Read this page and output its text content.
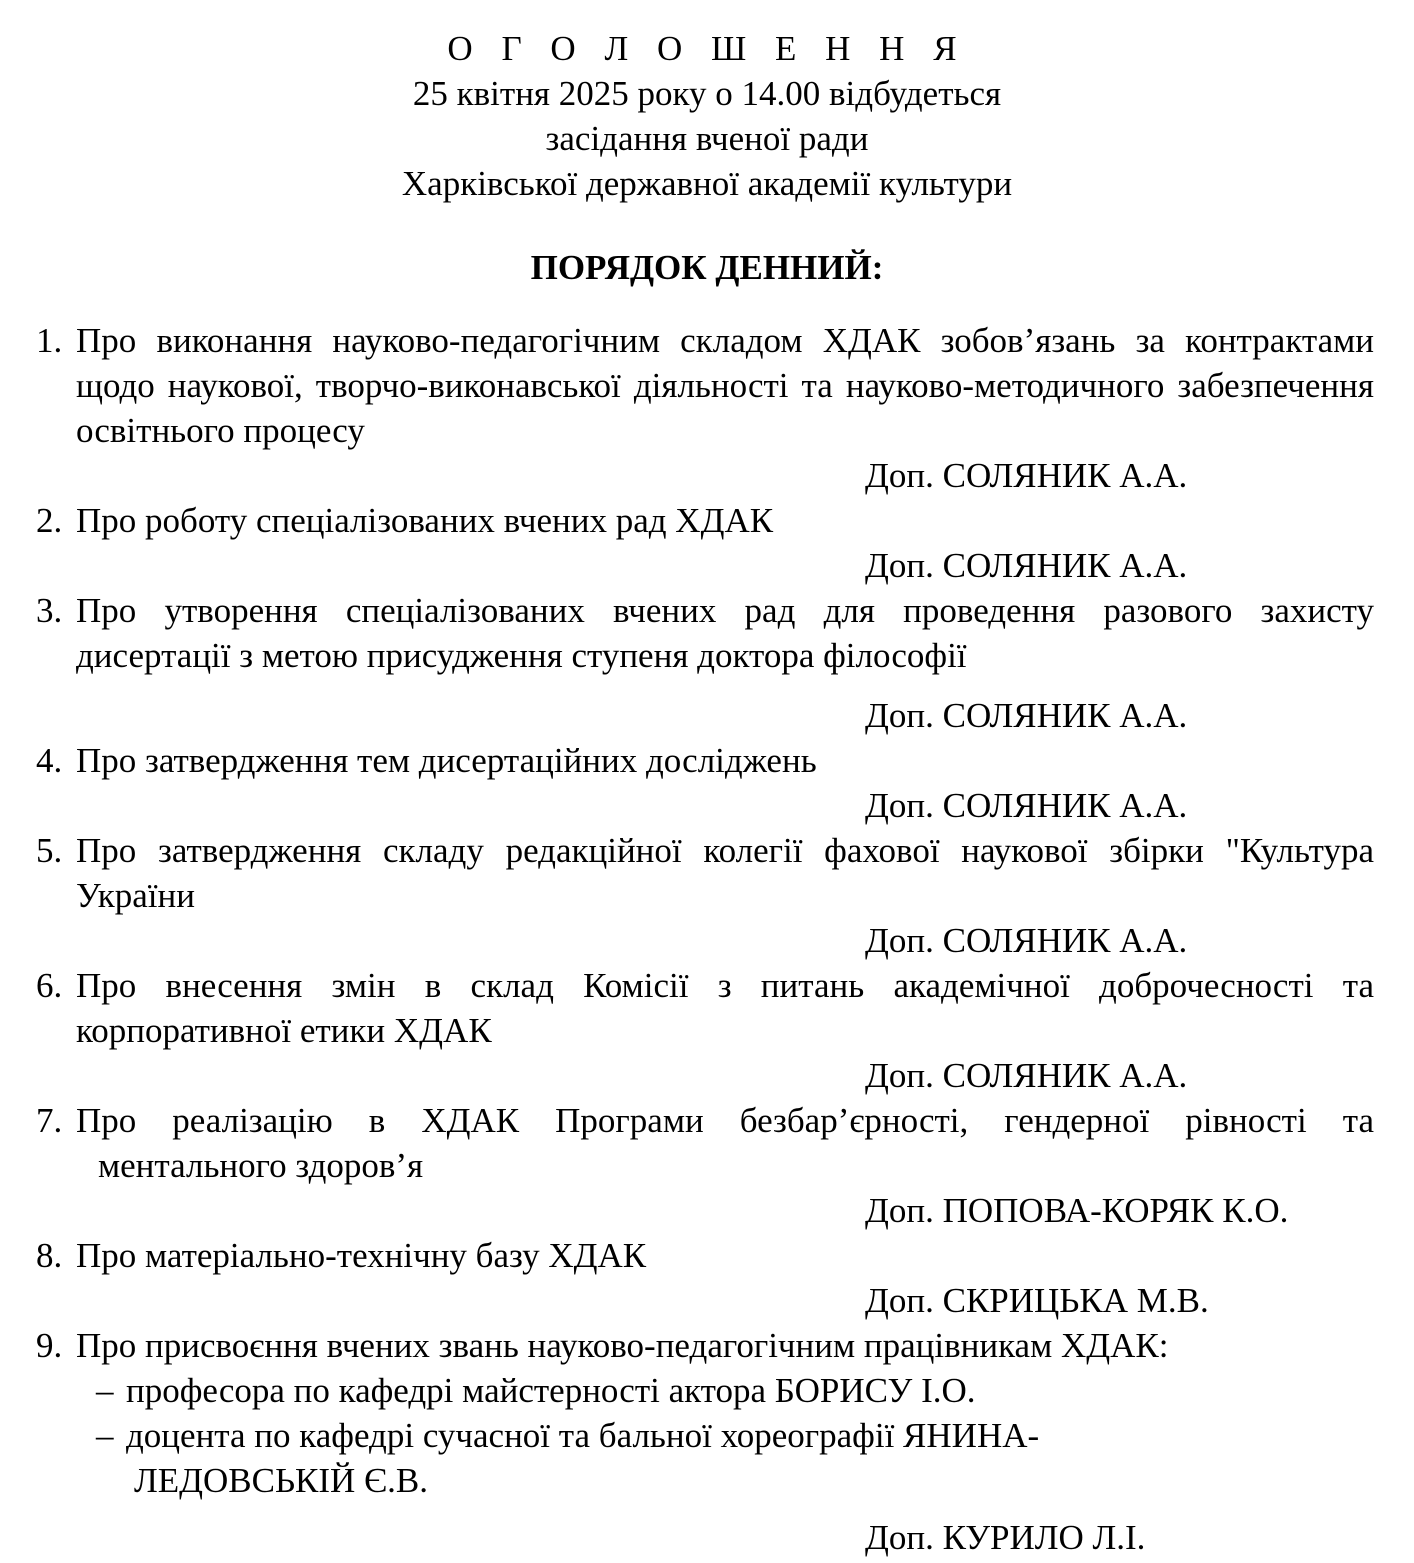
О Г О Л О Ш Е Н Н Я
25 квітня 2025 року о 14.00 відбудеться
засідання вченої ради
Харківської державної академії культури
ПОРЯДОК ДЕННИЙ:
1. Про виконання науково-педагогічним складом ХДАК зобов’язань за контрактами щодо наукової, творчо-виконавської діяльності та науково-методичного забезпечення освітнього процесу
Доп. СОЛЯНИК А.А.
2. Про роботу спеціалізованих вчених рад ХДАК
Доп. СОЛЯНИК А.А.
3. Про утворення спеціалізованих вчених рад для проведення разового захисту дисертації з метою присудження ступеня доктора філософії
Доп. СОЛЯНИК А.А.
4. Про затвердження тем дисертаційних досліджень
Доп. СОЛЯНИК А.А.
5. Про затвердження складу редакційної колегії фахової наукової збірки "Культура України
Доп. СОЛЯНИК А.А.
6. Про внесення змін в склад Комісії з питань академічної доброчесності та корпоративної етики ХДАК
Доп. СОЛЯНИК А.А.
7. Про реалізацію в ХДАК Програми безбар’єрності, гендерної рівності та
ментального здоров’я
Доп. ПОПОВА-КОРЯК К.О.
8. Про матеріально-технічну базу ХДАК
Доп. СКРИЦЬКА М.В.
9. Про присвоєння вчених звань науково-педагогічним працівникам ХДАК:
– професора по кафедрі майстерності актора БОРИСУ І.О.
– доцента по кафедрі сучасної та бальної хореографії ЯНИНА-
ЛЕДОВСЬКІЙ Є.В.
Доп. КУРИЛО Л.І.
